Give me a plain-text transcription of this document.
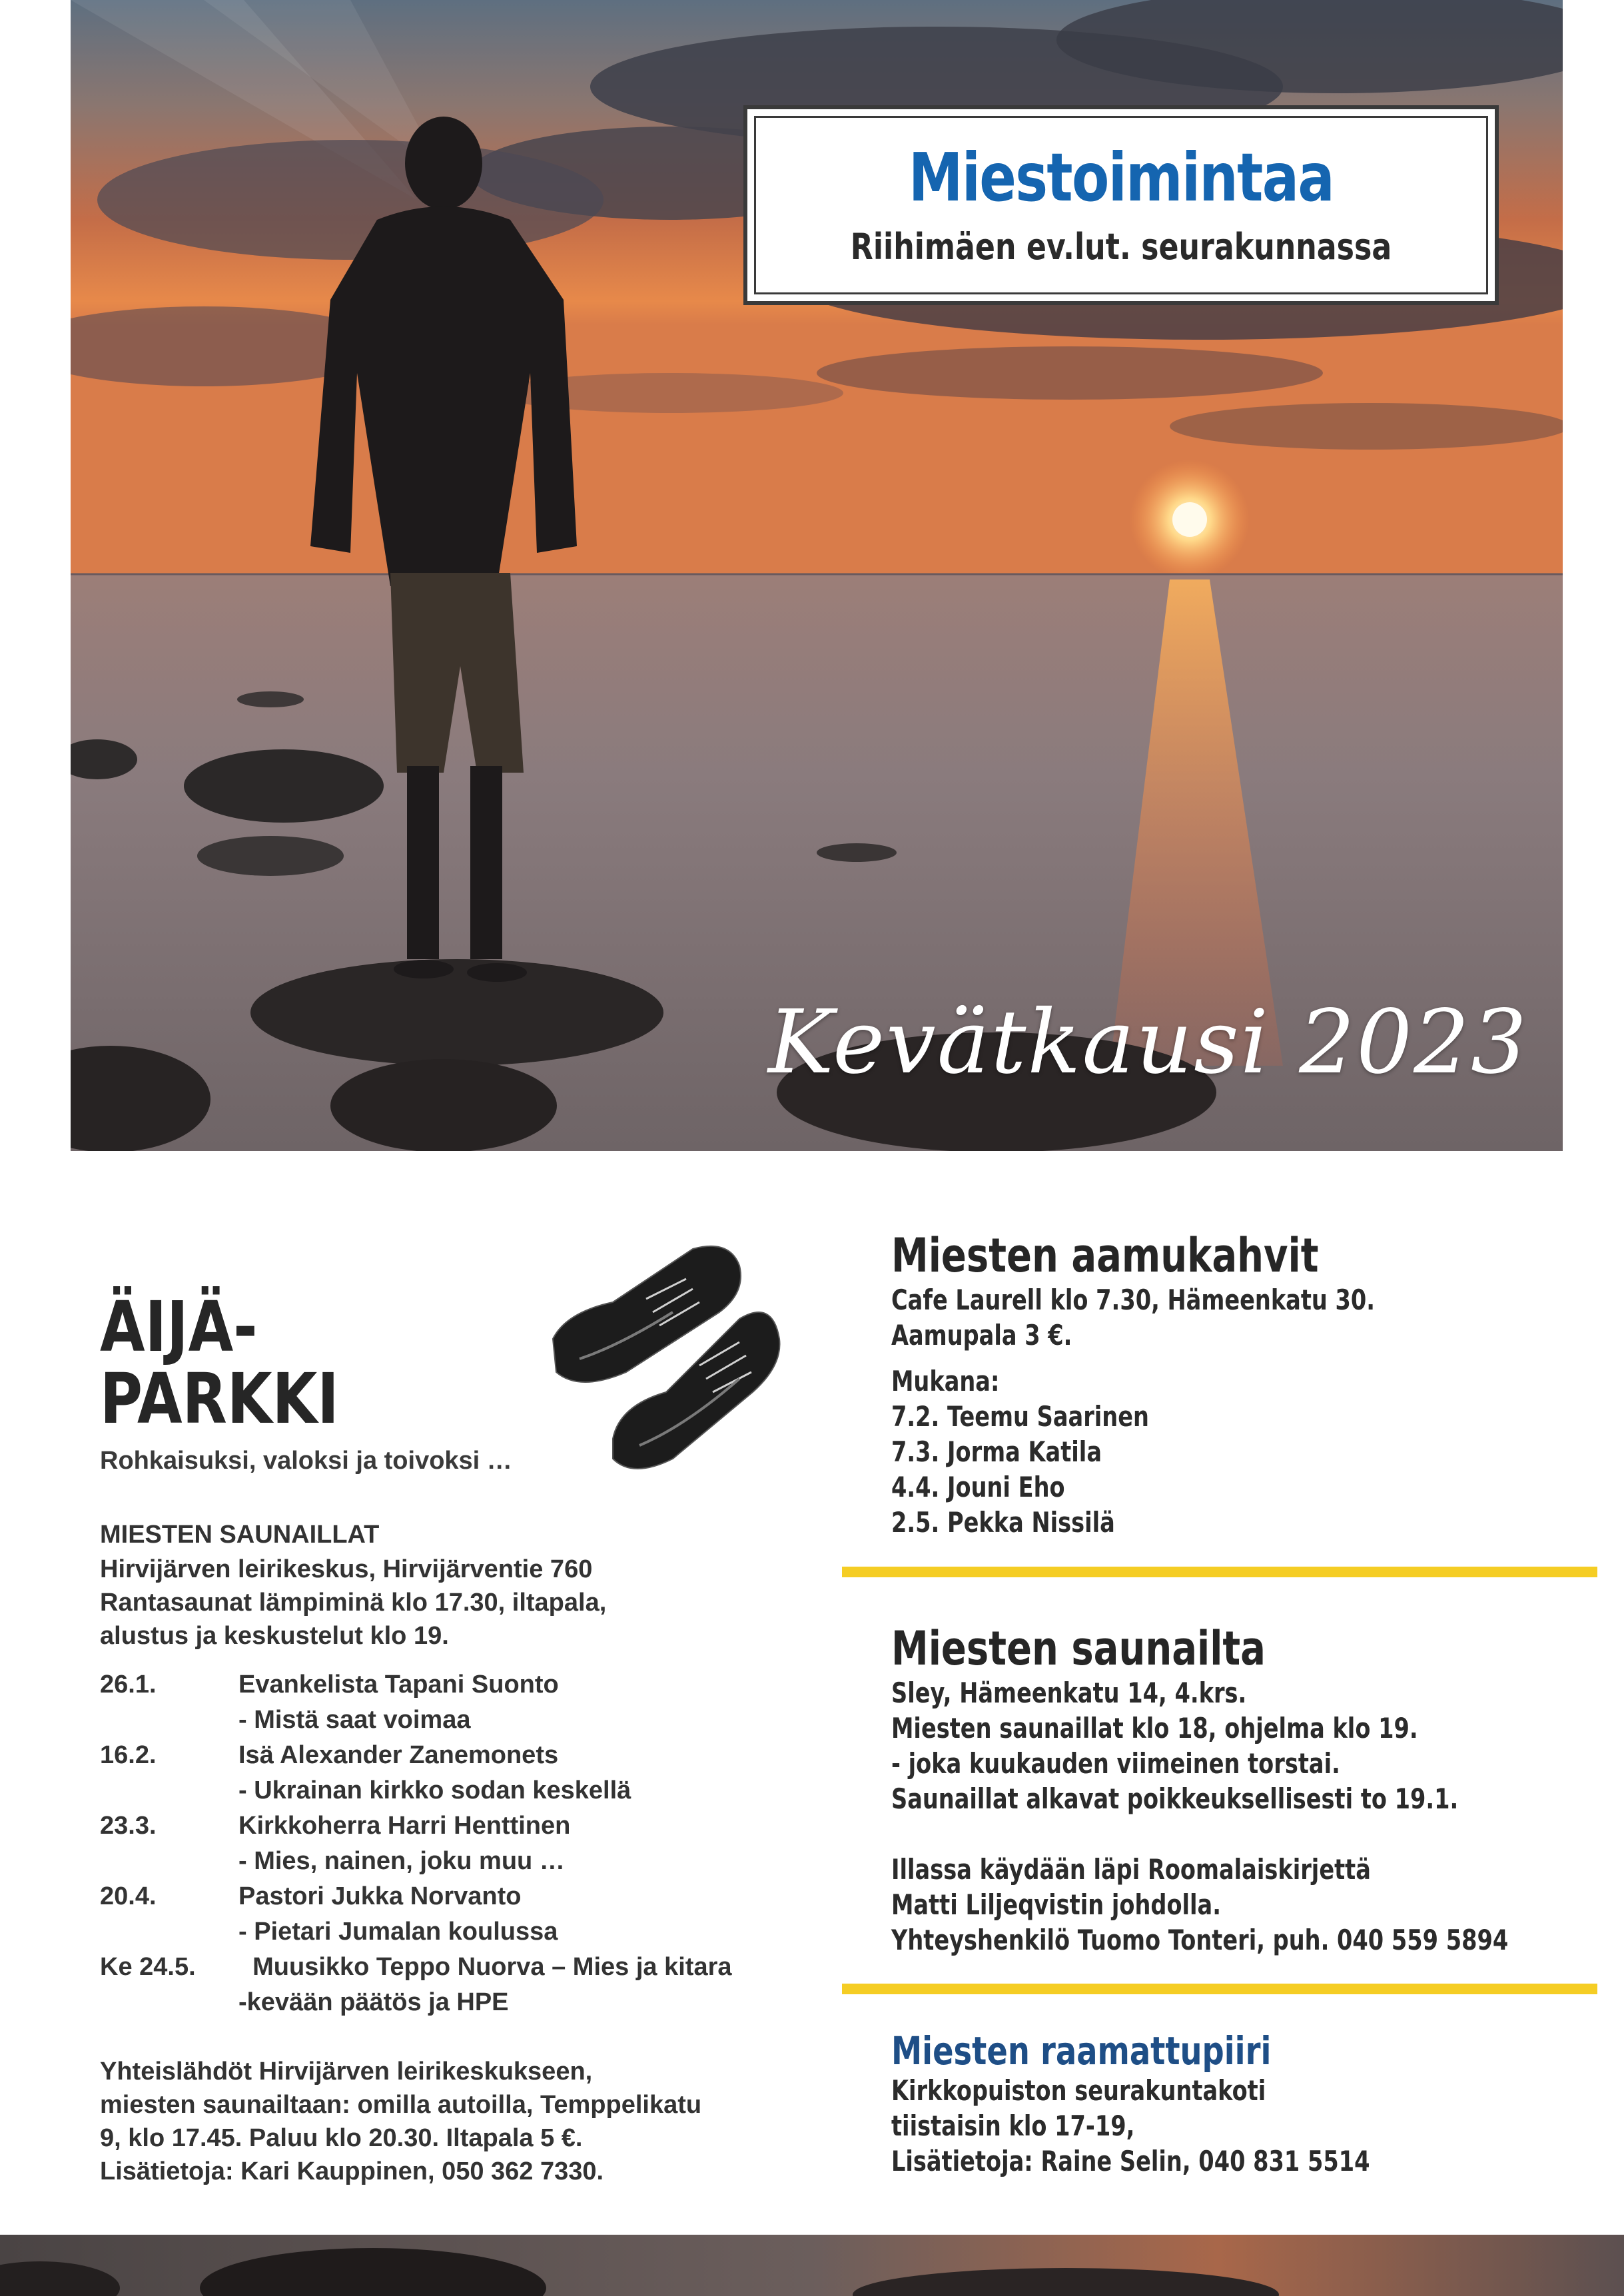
Miestoimintaa
Riihimäen ev.lut. seurakunnassa
Kevätkausi 2023
ÄIJÄ-
PARKKI
Rohkaisuksi, valoksi ja toivoksi …
MIESTEN SAUNAILLAT
Hirvijärven leirikeskus, Hirvijärventie 760
Rantasaunat lämpiminä klo 17.30, iltapala,
alustus ja keskustelut klo 19.
26.1.	Evankelista Tapani Suonto
- Mistä saat voimaa
16.2.	Isä Alexander Zanemonets
- Ukrainan kirkko sodan keskellä
23.3.	Kirkkoherra Harri Henttinen
- Mies, nainen, joku muu …
20.4.	Pastori Jukka Norvanto
- Pietari Jumalan koulussa
Ke 24.5. Muusikko Teppo Nuorva – Mies ja kitara
-kevään päätös ja HPE
Yhteislähdöt Hirvijärven leirikeskukseen,
miesten saunailtaan: omilla autoilla, Temppelikatu
9, klo 17.45. Paluu klo 20.30. Iltapala 5 €.
Lisätietoja: Kari Kauppinen, 050 362 7330.
Miesten aamukahvit
Cafe Laurell klo 7.30, Hämeenkatu 30.
Aamupala 3 €.
Mukana:
7.2. Teemu Saarinen
7.3. Jorma Katila
4.4. Jouni Eho
2.5. Pekka Nissilä
Miesten saunailta
Sley, Hämeenkatu 14, 4.krs.
Miesten saunaillat klo 18, ohjelma klo 19.
- joka kuukauden viimeinen torstai.
Saunaillat alkavat poikkeuksellisesti to 19.1.
Illassa käydään läpi Roomalaiskirjettä
Matti Liljeqvistin johdolla.
Yhteyshenkilö Tuomo Tonteri, puh. 040 559 5894
Miesten raamattupiiri
Kirkkopuiston seurakuntakoti
tiistaisin klo 17-19,
Lisätietoja: Raine Selin, 040 831 5514
